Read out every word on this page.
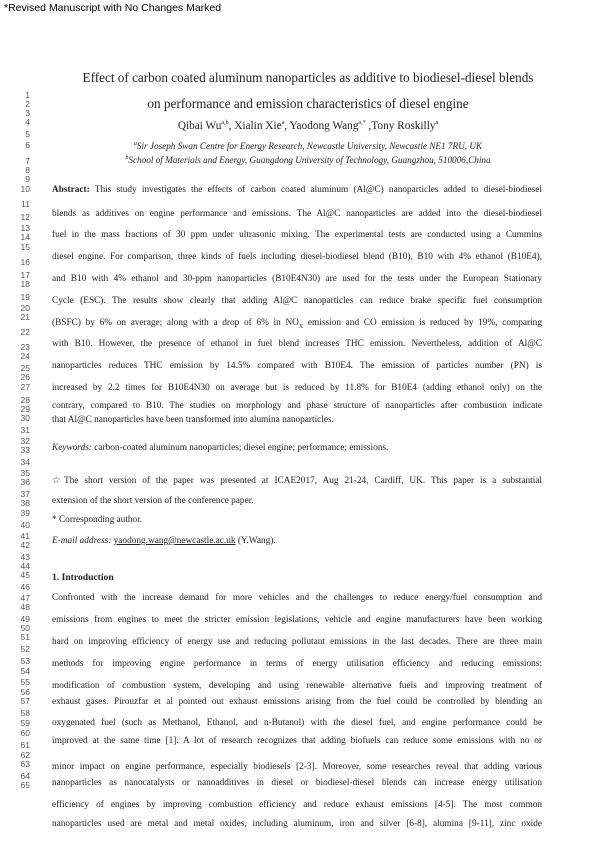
*Revised Manuscript with No Changes Marked
1
2
3
4
5
6
7
8
9
10
11
12
13
14
15
16
17
18
19
20
21
22
23
24
25
26
27
28
29
30
31
32
33
34
35
36
37
38
39
40
41
42
43
44
45
46
47
48
49
50
51
52
53
54
55
56
57
58
59
60
61
62
63
64
65
Effect of carbon coated aluminum nanoparticles as additive to biodiesel-diesel blends
on performance and emission characteristics of diesel engine
Qibai Wu$^{a,b}$, Xialin Xie$^a$, Yaodong Wang$^{a,*}$ ,Tony Roskilly$^a$
$^a$Sir Joseph Swan Centre for Energy Research, Newcastle University, Newcastle NE1 7RU, UK
$^b$School of Materials and Energy, Guangdong University of Technology, Guangzhou, 510006,China
Abstract: This study investigates the effects of carbon coated aluminum (Al@C) nanoparticles added to diesel-biodiesel
blends as additives on engine performance and emissions. The Al@C nanoparticles are added into the diesel-biodiesel
fuel in the mass fractions of 30 ppm under ultrasonic mixing. The experimental tests are conducted using a Cummins
diesel engine. For comparison, three kinds of fuels including diesel-biodiesel blend (B10), B10 with 4% ethanol (B10E4),
and B10 with 4% ethanol and 30-ppm nanoparticles (B10E4N30) are used for the tests under the European Stationary
Cycle (ESC). The results show clearly that adding Al@C nanoparticles can reduce brake specific fuel consumption
(BSFC) by 6% on average; along with a drop of 6% in $NO_X$ emission and CO emission is reduced by 19%, comparing
with B10. However, the presence of ethanol in fuel blend increases THC emission. Nevertheless, addition of Al@C
nanoparticles reduces THC emission by 14.5% compared with B10E4. The emission of particles number (PN) is
increased by 2.2 times for B10E4N30 on average but is reduced by 11.8% for B10E4 (adding ethanol only) on the
contrary, compared to B10. The studies on morphology and phase structure of nanoparticles after combustion indicate
that Al@C nanoparticles have been transformed into alumina nanoparticles.
Keywords: carbon-coated aluminum nanoparticles; diesel engine; performance; emissions.
☆The short version of the paper was presented at ICAE2017, Aug 21-24, Cardiff, UK. This paper is a substantial
extension of the short version of the conference paper.
* Corresponding author.
E-mail address: yaodong.wang@newcastle.ac.uk (Y.Wang).
1. Introduction
Confronted with the increase demand for more vehicles and the challenges to reduce energy/fuel consumption and
emissions from engines to meet the stricter emission legislations, vehicle and engine manufacturers have been working
hard on improving efficiency of energy use and reducing pollutant emissions in the last decades. There are three main
methods for improving engine performance in terms of energy utilisation efficiency and reducing emissions:
modification of combustion system, developing and using renewable alternative fuels and improving treatment of
exhaust gases. Pirouzfar et al pointed out exhaust emissions arising from the fuel could be controlled by blending an
oxygenated fuel (such as Methanol, Ethanol, and n-Butanol) with the diesel fuel, and engine performance could be
improved at the same time [1]. A lot of research recognizes that adding biofuels can reduce some emissions with no or
minor impact on engine performance, especially biodiesels [2-3]. Moreover, some researches reveal that adding various
nanoparticles as nanocatalysts or nanoadditives in diesel or biodiesel-diesel blends can increase energy utilisation
efficiency of engines by improving combustion efficiency and reduce exhaust emissions [4-5]. The most common
nanoparticles used are metal and metal oxides, including aluminum, iron and silver [6-8], alumina [9-11], zinc oxide
